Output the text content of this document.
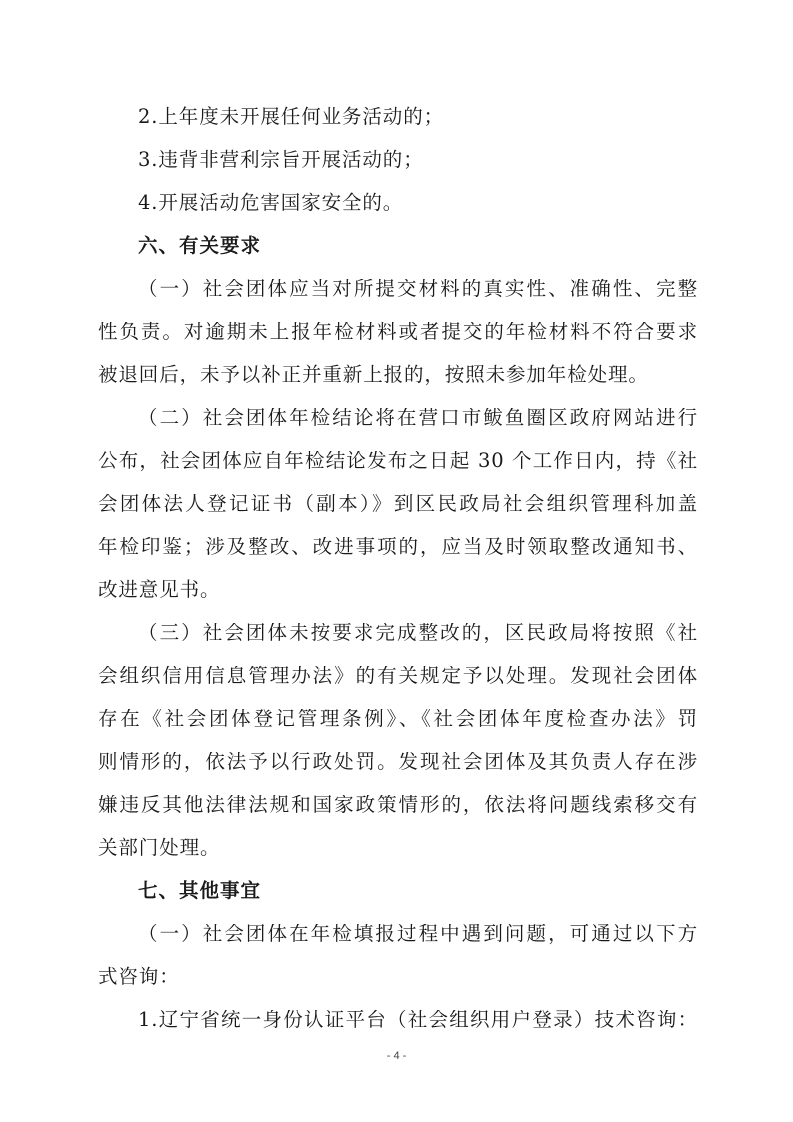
2.上年度未开展任何业务活动的；
3.违背非营利宗旨开展活动的；
4.开展活动危害国家安全的。
六、有关要求
（一）社会团体应当对所提交材料的真实性、准确性、完整
性负责。对逾期未上报年检材料或者提交的年检材料不符合要求
被退回后，未予以补正并重新上报的，按照未参加年检处理。
（二）社会团体年检结论将在营口市鲅鱼圈区政府网站进行
公布，社会团体应自年检结论发布之日起 30 个工作日内，持《社
会团体法人登记证书（副本）》到区民政局社会组织管理科加盖
年检印鉴；涉及整改、改进事项的，应当及时领取整改通知书、
改进意见书。
（三）社会团体未按要求完成整改的，区民政局将按照《社
会组织信用信息管理办法》的有关规定予以处理。发现社会团体
存在《社会团体登记管理条例》、《社会团体年度检查办法》罚
则情形的，依法予以行政处罚。发现社会团体及其负责人存在涉
嫌违反其他法律法规和国家政策情形的，依法将问题线索移交有
关部门处理。
七、其他事宜
（一）社会团体在年检填报过程中遇到问题，可通过以下方
式咨询：
1.辽宁省统一身份认证平台（社会组织用户登录）技术咨询：
- 4 -
